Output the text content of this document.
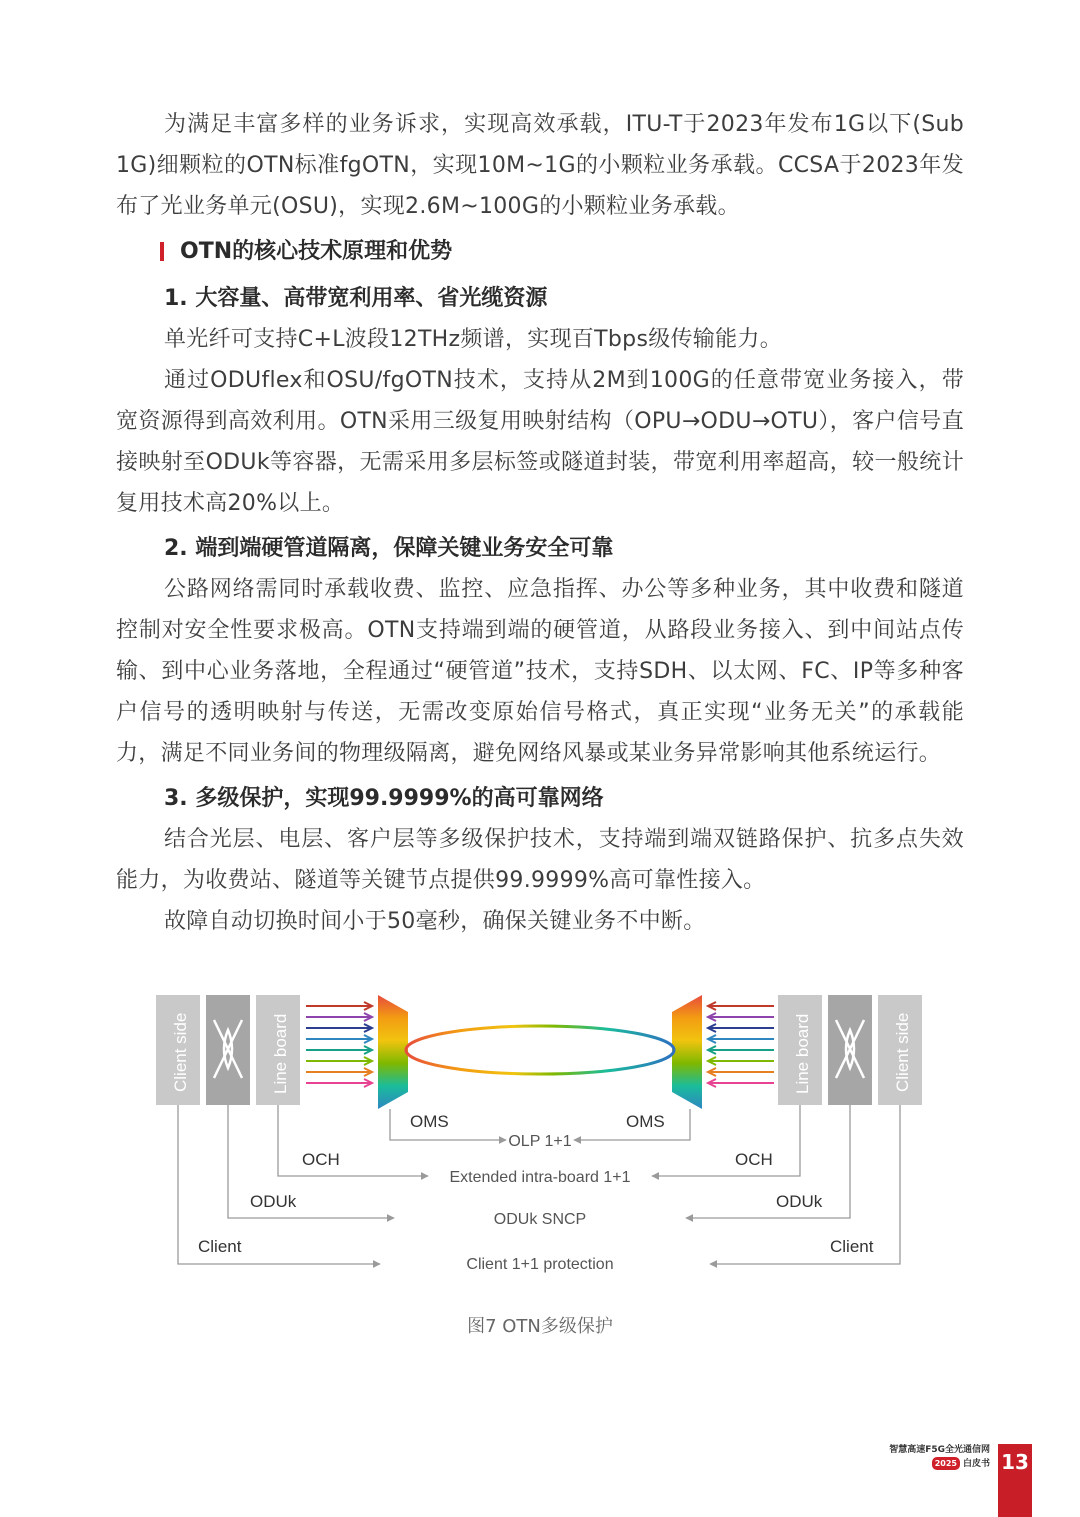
为满足丰富多样的业务诉求，实现高效承载，ITU-T于2023年发布1G以下(Sub 1G)细颗粒的OTN标准fgOTN，实现10M~1G的小颗粒业务承载。CCSA于2023年发布了光业务单元(OSU)，实现2.6M~100G的小颗粒业务承载。

OTN的核心技术原理和优势
1. 大容量、高带宽利用率、省光缆资源

单光纤可支持C+L波段12THz频谱，实现百Tbps级传输能力。

通过ODUflex和OSU/fgOTN技术，支持从2M到100G的任意带宽业务接入，带宽资源得到高效利用。OTN采用三级复用映射结构（OPU→ODU→OTU），客户信号直接映射至ODUk等容器，无需采用多层标签或隧道封装，带宽利用率超高，较一般统计复用技术高20%以上。

2. 端到端硬管道隔离，保障关键业务安全可靠

公路网络需同时承载收费、监控、应急指挥、办公等多种业务，其中收费和隧道控制对安全性要求极高。OTN支持端到端的硬管道，从路段业务接入、到中间站点传输、到中心业务落地，全程通过“硬管道”技术，支持SDH、以太网、FC、IP等多种客户信号的透明映射与传送，无需改变原始信号格式，真正实现“业务无关”的承载能力，满足不同业务间的物理级隔离，避免网络风暴或某业务异常影响其他系统运行。

3. 多级保护，实现99.9999%的高可靠网络

结合光层、电层、客户层等多级保护技术，支持端到端双链路保护、抗多点失效能力，为收费站、隧道等关键节点提供99.9999%高可靠性接入。

故障自动切换时间小于50毫秒，确保关键业务不中断。

Client side	Line board	Line board	Client side
OMS	OMS
OLP 1+1
OCH	OCH
Extended intra-board 1+1
ODUk	ODUk
ODUk SNCP
Client	Client
Client 1+1 protection
图7 OTN多级保护
智慧高速F5G全光通信网
2025 白皮书 13
